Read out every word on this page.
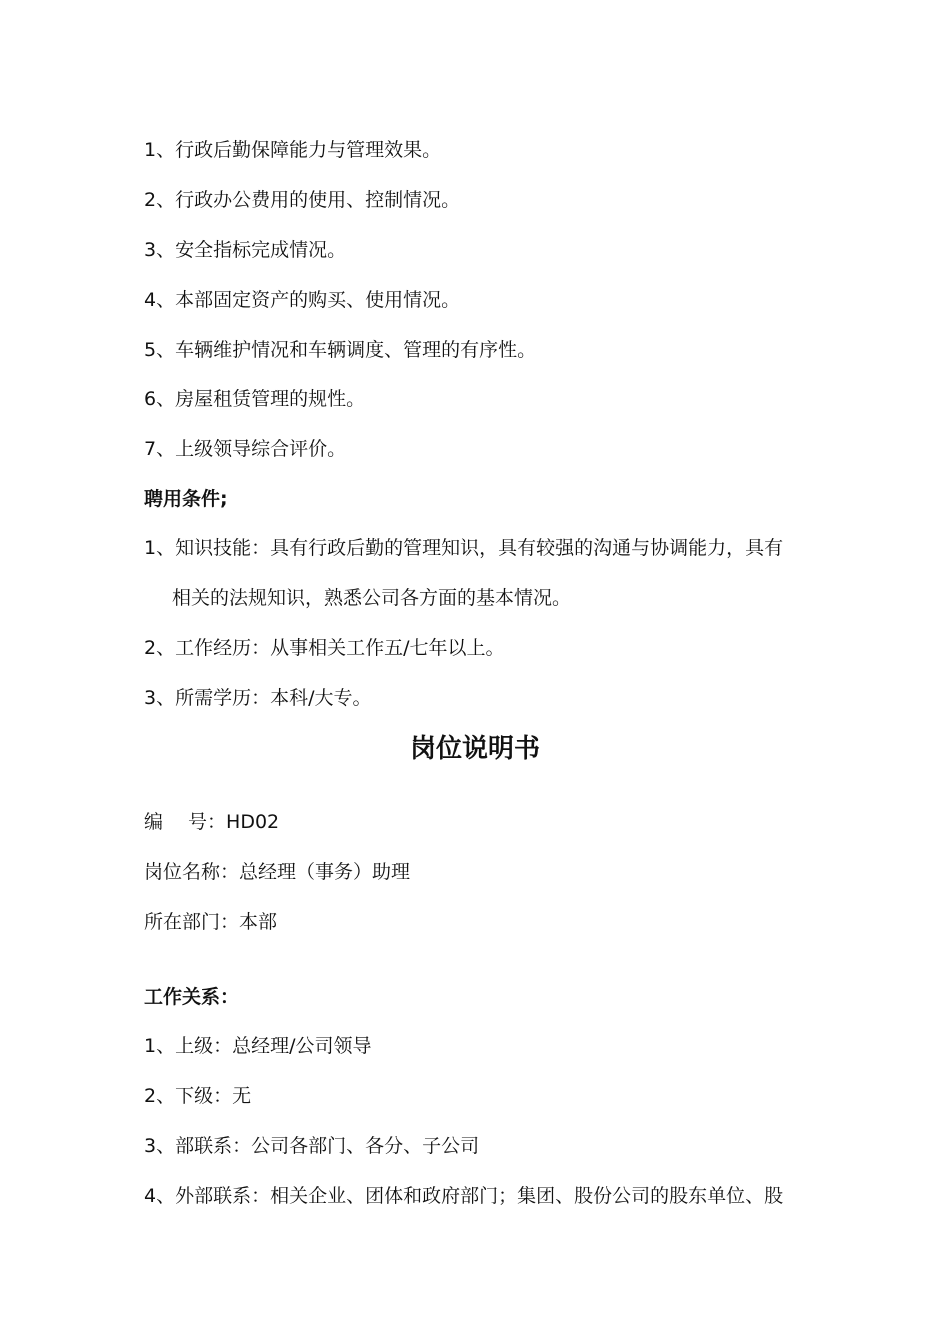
1、行政后勤保障能力与管理效果。
2、行政办公费用的使用、控制情况。
3、安全指标完成情况。
4、本部固定资产的购买、使用情况。
5、车辆维护情况和车辆调度、管理的有序性。
6、房屋租赁管理的规性。
7、上级领导综合评价。
聘用条件;
1、知识技能：具有行政后勤的管理知识，具有较强的沟通与协调能力，具有
相关的法规知识，熟悉公司各方面的基本情况。
2、工作经历：从事相关工作五/七年以上。
3、所需学历：本科/大专。
岗位说明书
编　 号：HD02
岗位名称：总经理（事务）助理
所在部门：本部
工作关系：
1、上级：总经理/公司领导
2、下级：无
3、部联系：公司各部门、各分、子公司
4、外部联系：相关企业、团体和政府部门；集团、股份公司的股东单位、股
